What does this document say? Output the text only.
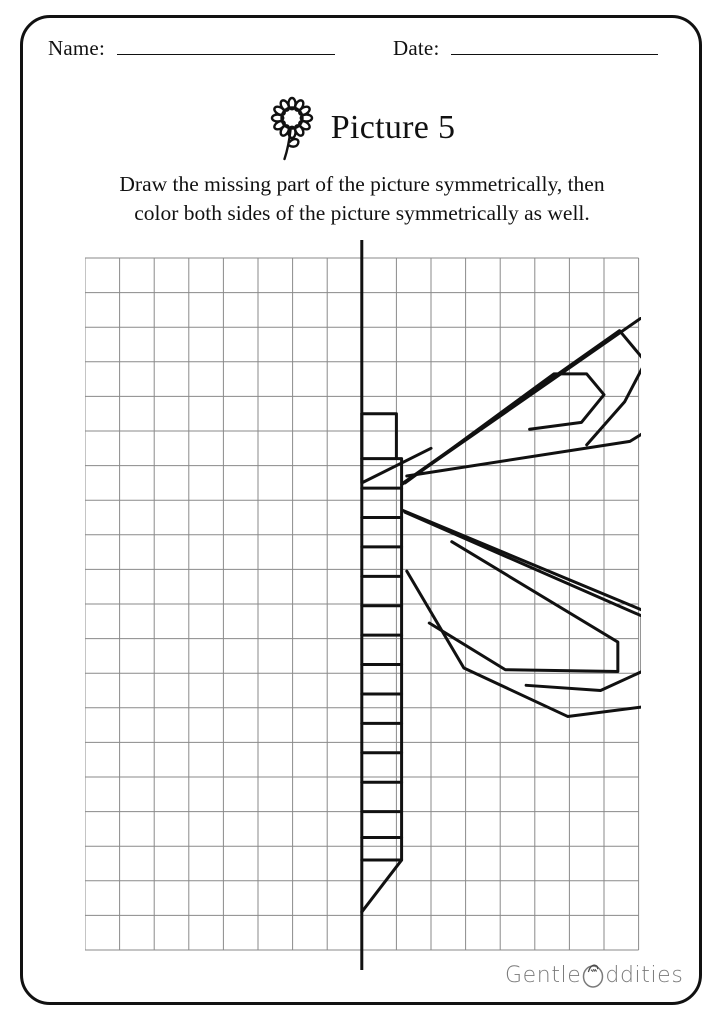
Name:	Date:
Picture 5
Draw the missing part of the picture symmetrically, then
color both sides of the picture symmetrically as well.
Gentle ddities
